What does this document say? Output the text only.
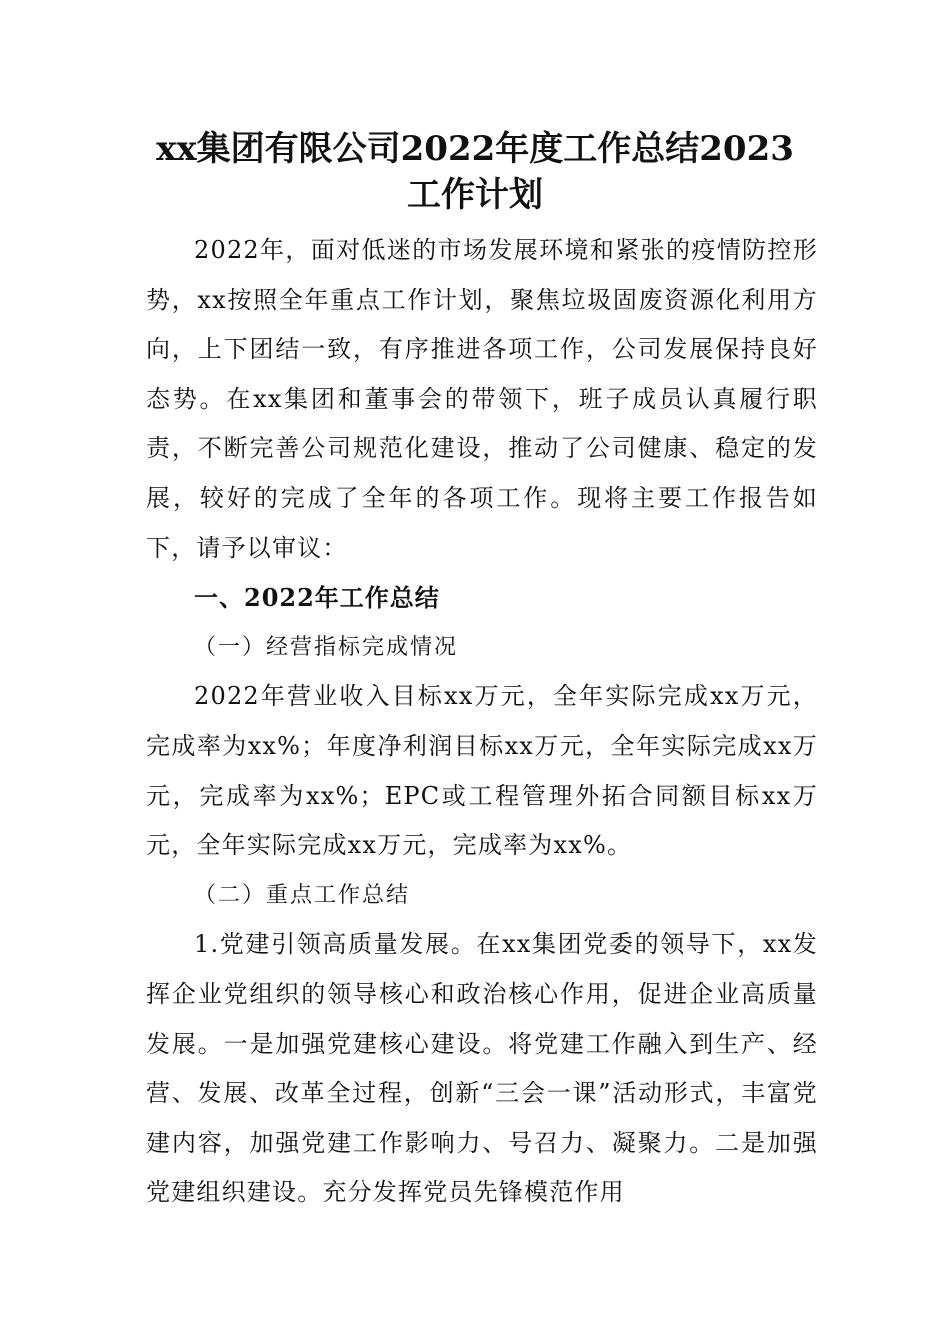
xx集团有限公司2022年度工作总结2023
工作计划

2022年，面对低迷的市场发展环境和紧张的疫情防控形势，xx按照全年重点工作计划，聚焦垃圾固废资源化利用方向，上下团结一致，有序推进各项工作，公司发展保持良好态势。在xx集团和董事会的带领下，班子成员认真履行职责，不断完善公司规范化建设，推动了公司健康、稳定的发展，较好的完成了全年的各项工作。现将主要工作报告如下，请予以审议：

一、2022年工作总结

（一）经营指标完成情况

2022年营业收入目标xx万元，全年实际完成xx万元，完成率为xx%；年度净利润目标xx万元，全年实际完成xx万元，完成率为xx%；EPC或工程管理外拓合同额目标xx万元，全年实际完成xx万元，完成率为xx%。

（二）重点工作总结

1.党建引领高质量发展。在xx集团党委的领导下，xx发挥企业党组织的领导核心和政治核心作用，促进企业高质量发展。一是加强党建核心建设。将党建工作融入到生产、经营、发展、改革全过程，创新“三会一课”活动形式，丰富党建内容，加强党建工作影响力、号召力、凝聚力。二是加强党建组织建设。充分发挥党员先锋模范作用
